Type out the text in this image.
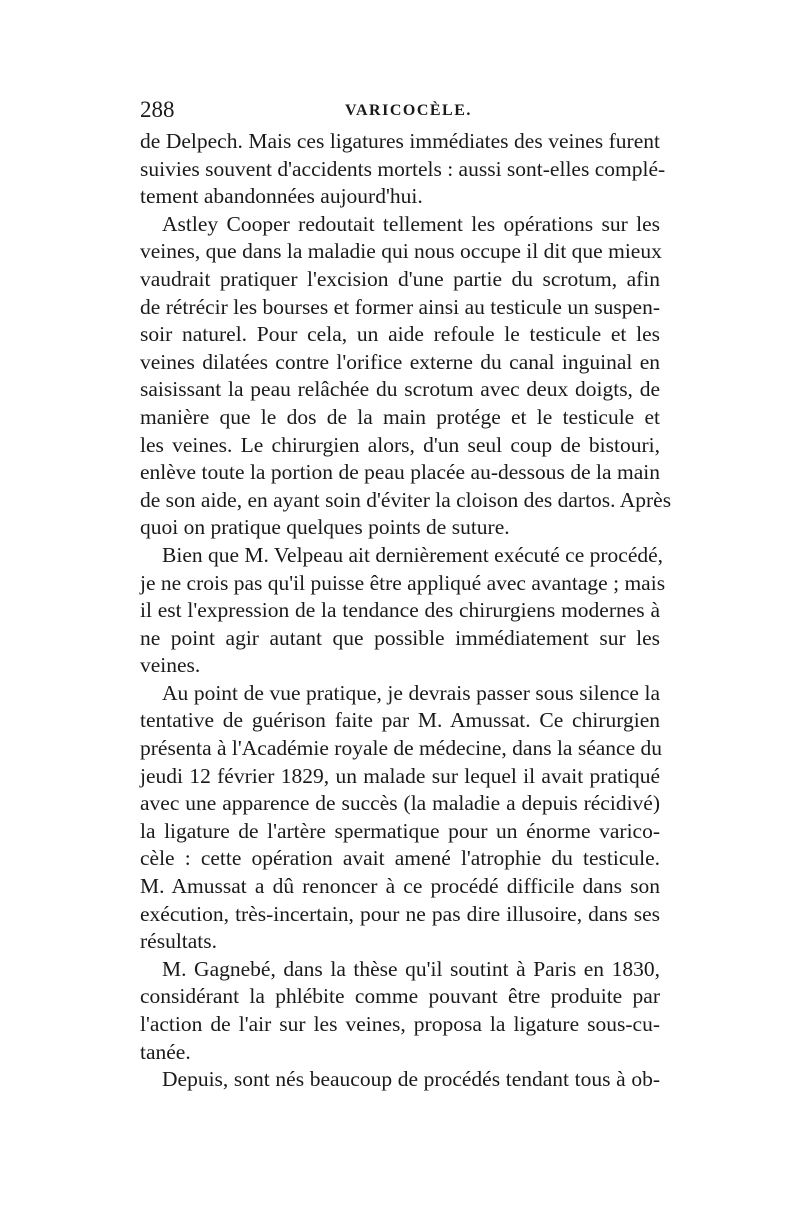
288	VARICOCÈLE.
de Delpech. Mais ces ligatures immédiates des veines furent
suivies souvent d'accidents mortels : aussi sont-elles complé-
tement abandonnées aujourd'hui.
Astley Cooper redoutait tellement les opérations sur les
veines, que dans la maladie qui nous occupe il dit que mieux
vaudrait pratiquer l'excision d'une partie du scrotum, afin
de rétrécir les bourses et former ainsi au testicule un suspen-
soir naturel. Pour cela, un aide refoule le testicule et les
veines dilatées contre l'orifice externe du canal inguinal en
saisissant la peau relâchée du scrotum avec deux doigts, de
manière que le dos de la main protége et le testicule et
les veines. Le chirurgien alors, d'un seul coup de bistouri,
enlève toute la portion de peau placée au-dessous de la main
de son aide, en ayant soin d'éviter la cloison des dartos. Après
quoi on pratique quelques points de suture.
Bien que M. Velpeau ait dernièrement exécuté ce procédé,
je ne crois pas qu'il puisse être appliqué avec avantage ; mais
il est l'expression de la tendance des chirurgiens modernes à
ne point agir autant que possible immédiatement sur les
veines.
Au point de vue pratique, je devrais passer sous silence la
tentative de guérison faite par M. Amussat. Ce chirurgien
présenta à l'Académie royale de médecine, dans la séance du
jeudi 12 février 1829, un malade sur lequel il avait pratiqué
avec une apparence de succès (la maladie a depuis récidivé)
la ligature de l'artère spermatique pour un énorme varico-
cèle : cette opération avait amené l'atrophie du testicule.
M. Amussat a dû renoncer à ce procédé difficile dans son
exécution, très-incertain, pour ne pas dire illusoire, dans ses
résultats.
M. Gagnebé, dans la thèse qu'il soutint à Paris en 1830,
considérant la phlébite comme pouvant être produite par
l'action de l'air sur les veines, proposa la ligature sous-cu-
tanée.
Depuis, sont nés beaucoup de procédés tendant tous à ob-
